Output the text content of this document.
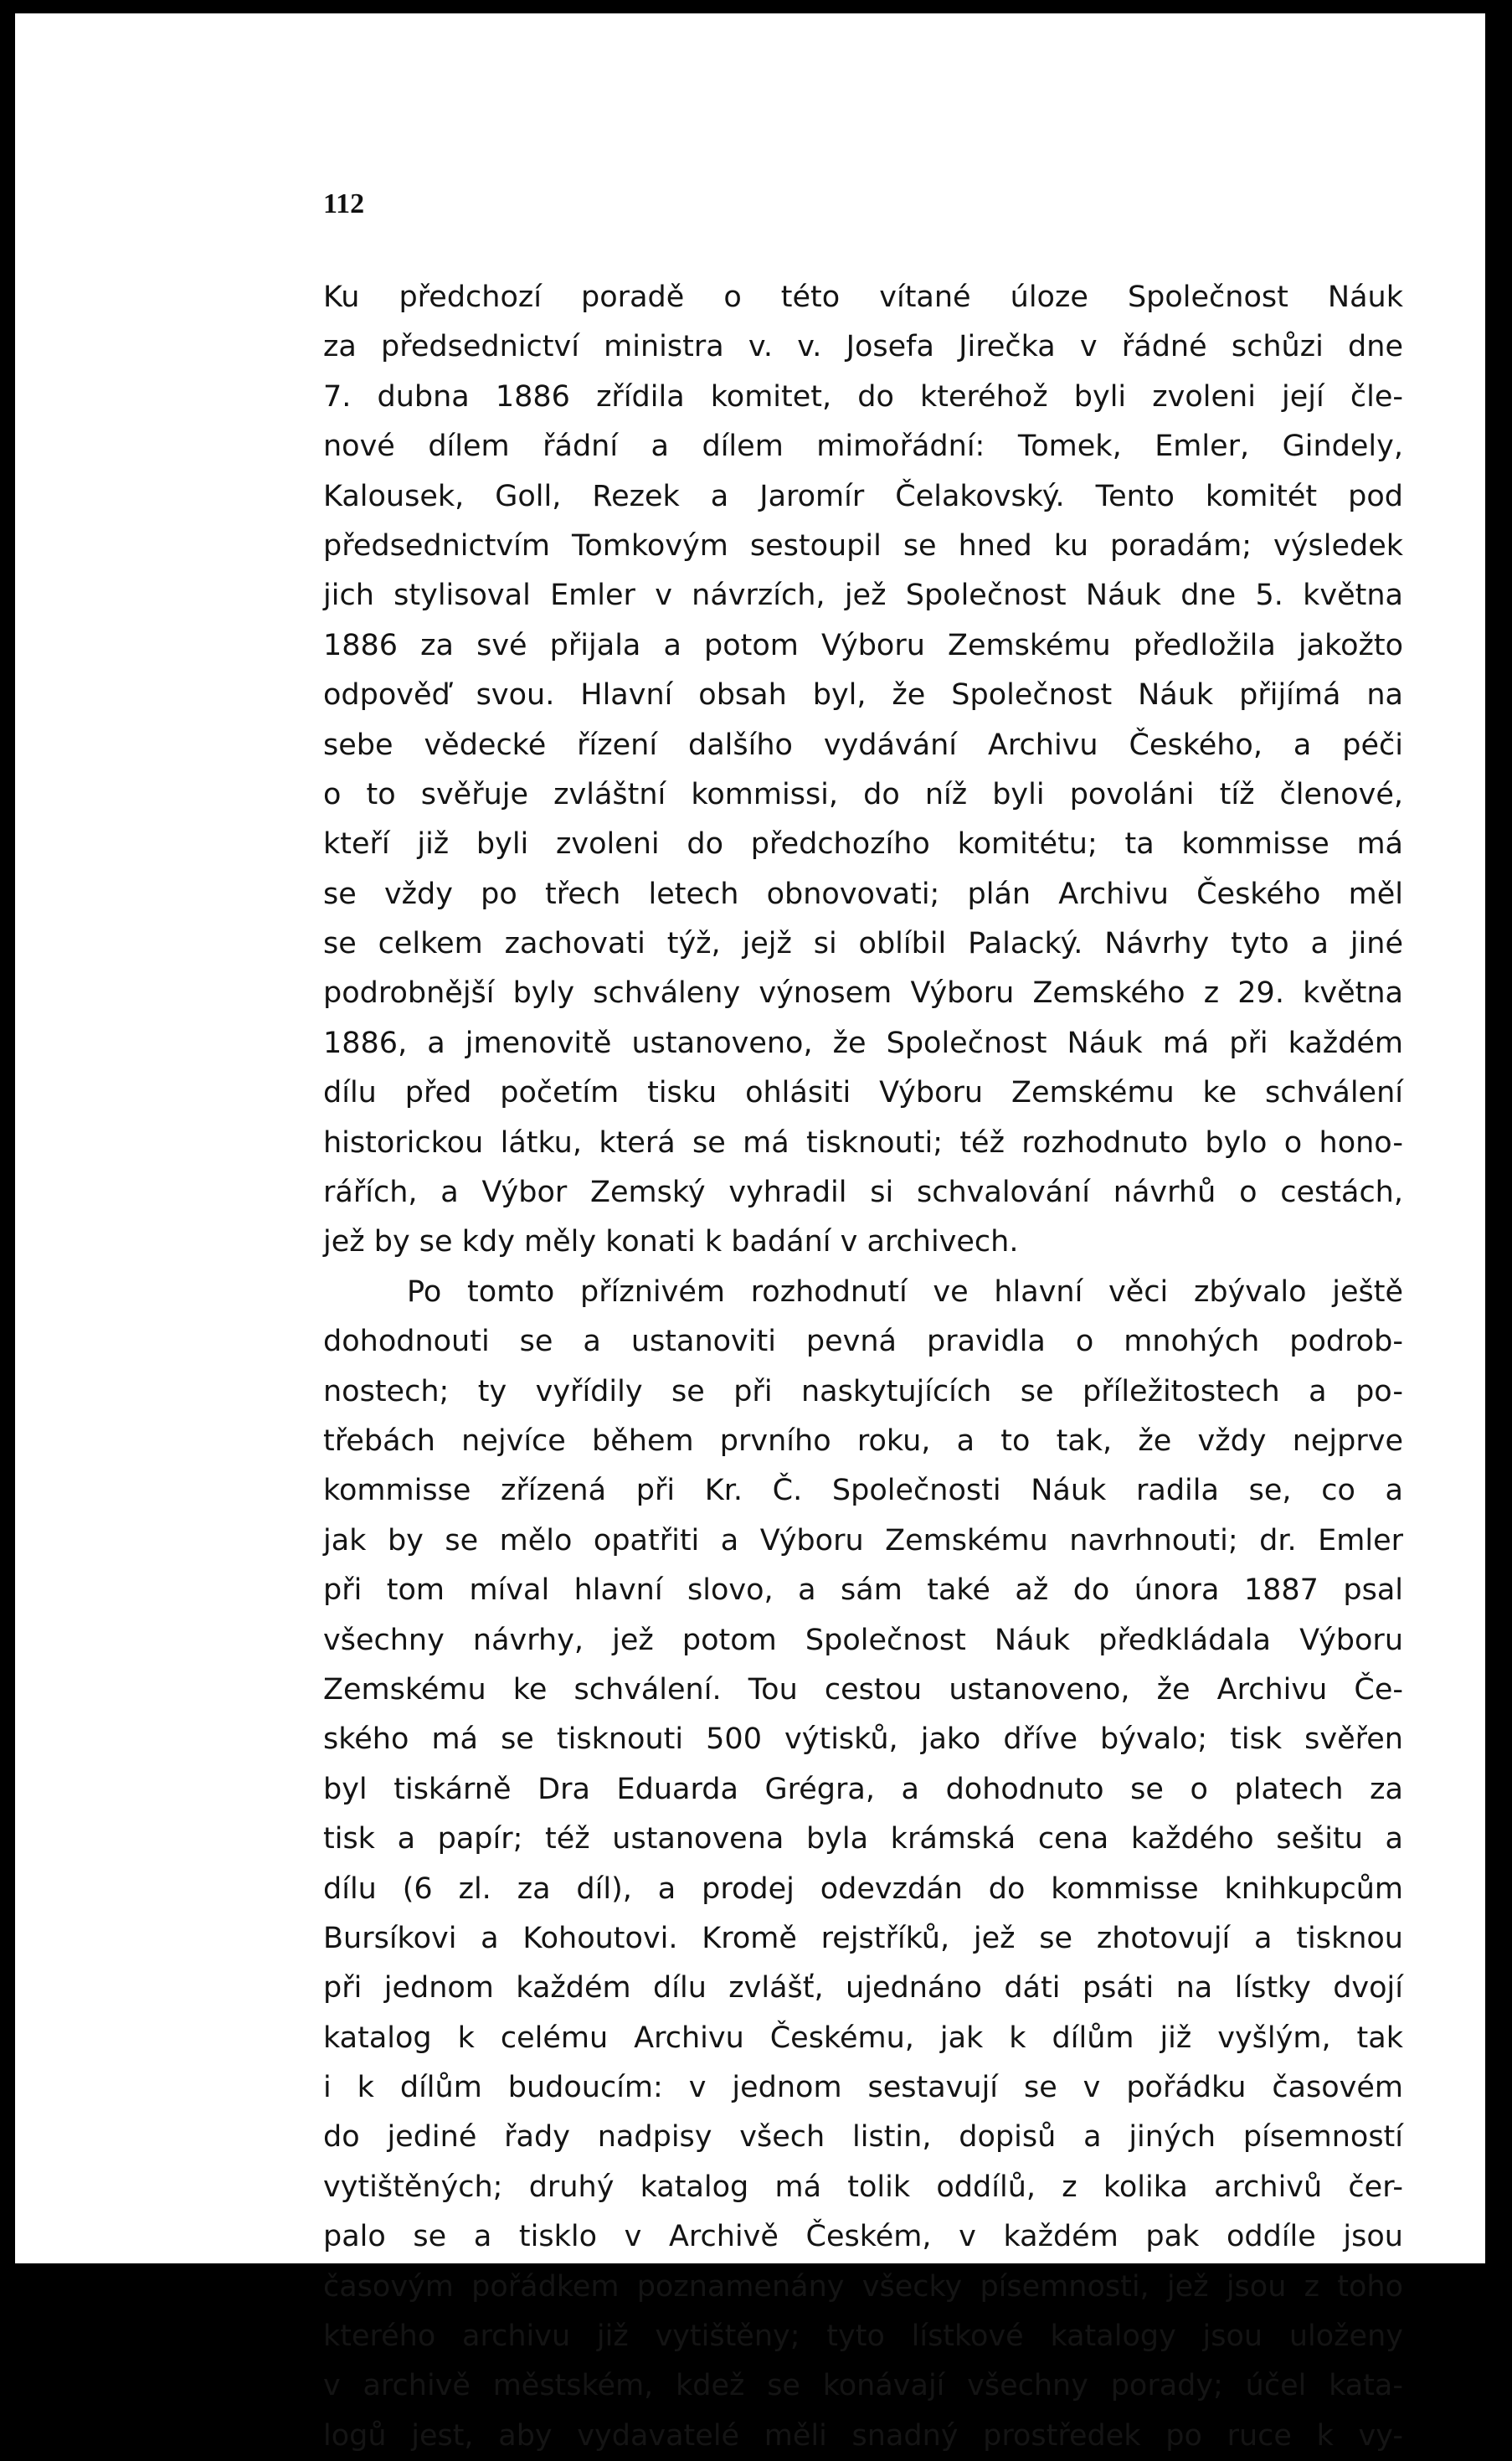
112
Ku předchozí poradě o této vítané úloze Společnost Náuk
za předsednictví ministra v. v. Josefa Jirečka v řádné schůzi dne
7. dubna 1886 zřídila komitet, do kteréhož byli zvoleni její čle-
nové dílem řádní a dílem mimořádní: Tomek, Emler, Gindely,
Kalousek, Goll, Rezek a Jaromír Čelakovský. Tento komitét pod
předsednictvím Tomkovým sestoupil se hned ku poradám; výsledek
jich stylisoval Emler v návrzích, jež Společnost Náuk dne 5. května
1886 za své přijala a potom Výboru Zemskému předložila jakožto
odpověď svou. Hlavní obsah byl, že Společnost Náuk přijímá na
sebe vědecké řízení dalšího vydávání Archivu Českého, a péči
o to svěřuje zvláštní kommissi, do níž byli povoláni tíž členové,
kteří již byli zvoleni do předchozího komitétu; ta kommisse má
se vždy po třech letech obnovovati; plán Archivu Českého měl
se celkem zachovati týž, jejž si oblíbil Palacký. Návrhy tyto a jiné
podrobnější byly schváleny výnosem Výboru Zemského z 29. května
1886, a jmenovitě ustanoveno, že Společnost Náuk má při každém
dílu před početím tisku ohlásiti Výboru Zemskému ke schválení
historickou látku, která se má tisknouti; též rozhodnuto bylo o hono-
rářích, a Výbor Zemský vyhradil si schvalování návrhů o cestách,
jež by se kdy měly konati k badání v archivech.
Po tomto příznivém rozhodnutí ve hlavní věci zbývalo ještě
dohodnouti se a ustanoviti pevná pravidla o mnohých podrob-
nostech; ty vyřídily se při naskytujících se příležitostech a po-
třebách nejvíce během prvního roku, a to tak, že vždy nejprve
kommisse zřízená při Kr. Č. Společnosti Náuk radila se, co a
jak by se mělo opatřiti a Výboru Zemskému navrhnouti; dr. Emler
při tom míval hlavní slovo, a sám také až do února 1887 psal
všechny návrhy, jež potom Společnost Náuk předkládala Výboru
Zemskému ke schválení. Tou cestou ustanoveno, že Archivu Če-
ského má se tisknouti 500 výtisků, jako dříve bývalo; tisk svěřen
byl tiskárně Dra Eduarda Grégra, a dohodnuto se o platech za
tisk a papír; též ustanovena byla krámská cena každého sešitu a
dílu (6 zl. za díl), a prodej odevzdán do kommisse knihkupcům
Bursíkovi a Kohoutovi. Kromě rejstříků, jež se zhotovují a tisknou
při jednom každém dílu zvlášť, ujednáno dáti psáti na lístky dvojí
katalog k celému Archivu Českému, jak k dílům již vyšlým, tak
i k dílům budoucím: v jednom sestavují se v pořádku časovém
do jediné řady nadpisy všech listin, dopisů a jiných písemností
vytištěných; druhý katalog má tolik oddílů, z kolika archivů čer-
palo se a tisklo v Archivě Českém, v každém pak oddíle jsou
časovým pořádkem poznamenány všecky písemnosti, jež jsou z toho
kterého archivu již vytištěny; tyto lístkové katalogy jsou uloženy
v archivě městském, kdež se konávají všechny porady; účel kata-
logů jest, aby vydavatelé měli snadný prostředek po ruce k vy-
